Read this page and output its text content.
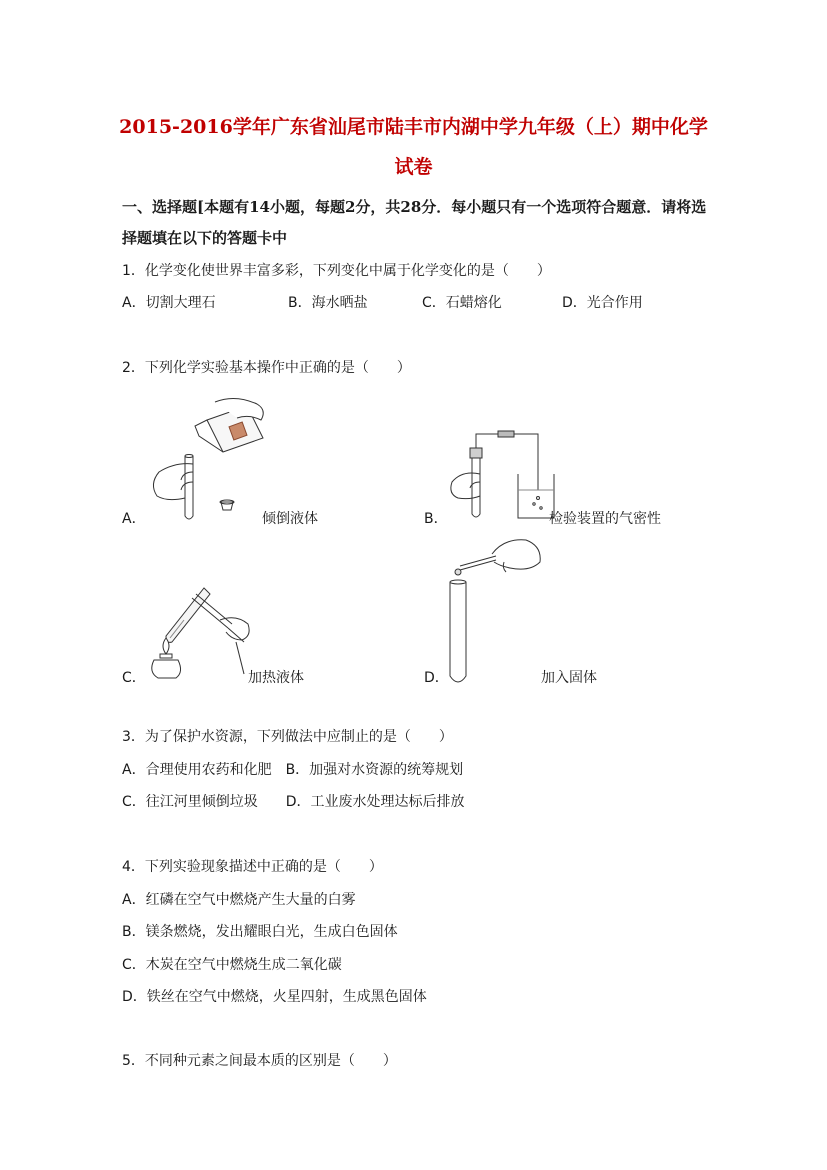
2015-2016学年广东省汕尾市陆丰市内湖中学九年级（上）期中化学
试卷
一、选择题[本题有14小题，每题2分，共28分．每小题只有一个选项符合题意．请将选
择题填在以下的答题卡中
1．化学变化使世界丰富多彩，下列变化中属于化学变化的是（　　）
A．切割大理石	B．海水晒盐	C．石蜡熔化	D．光合作用
2．下列化学实验基本操作中正确的是（　　）
A．	倾倒液体	B．	检验装置的气密性
C．	加热液体	D．	加入固体
3．为了保护水资源，下列做法中应制止的是（　　）
A．合理使用农药和化肥　B．加强对水资源的统筹规划
C．往江河里倾倒垃圾　　D．工业废水处理达标后排放
4．下列实验现象描述中正确的是（　　）
A．红磷在空气中燃烧产生大量的白雾
B．镁条燃烧，发出耀眼白光，生成白色固体
C．木炭在空气中燃烧生成二氧化碳
D．铁丝在空气中燃烧，火星四射，生成黑色固体
5．不同种元素之间最本质的区别是（　　）
